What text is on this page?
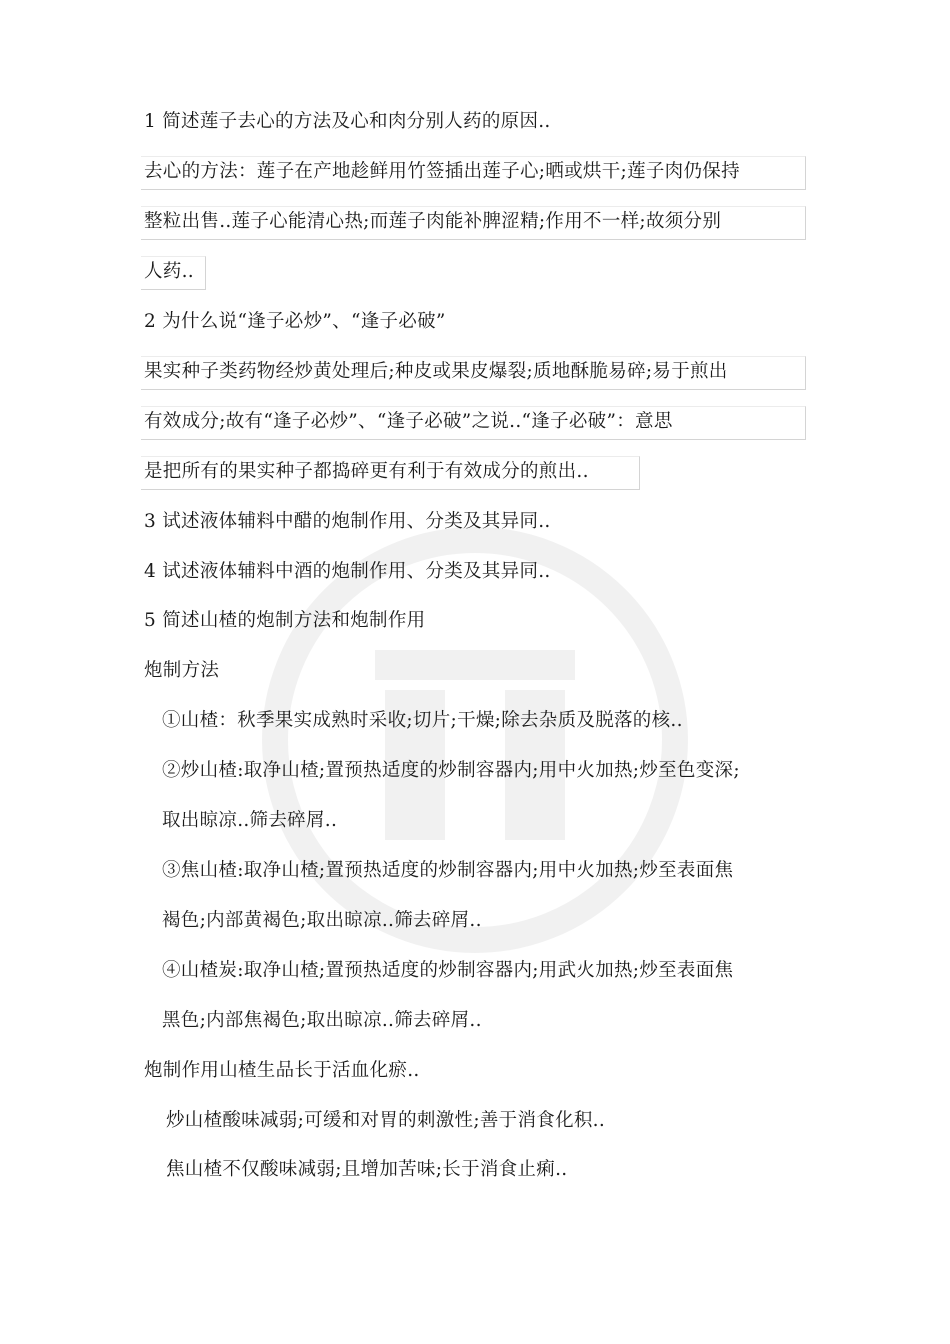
1 简述莲子去心的方法及心和肉分别人药的原因..
去心的方法：莲子在产地趁鲜用竹签插出莲子心;晒或烘干;莲子肉仍保持
整粒出售..莲子心能清心热;而莲子肉能补脾涩精;作用不一样;故须分别
人药..
2 为什么说“逢子必炒”、“逢子必破”
果实种子类药物经炒黄处理后;种皮或果皮爆裂;质地酥脆易碎;易于煎出
有效成分;故有“逢子必炒”、“逢子必破”之说..“逢子必破”：意思
是把所有的果实种子都捣碎更有利于有效成分的煎出..
3 试述液体辅料中醋的炮制作用、分类及其异同..
4 试述液体辅料中酒的炮制作用、分类及其异同..
5 简述山楂的炮制方法和炮制作用
炮制方法
①山楂：秋季果实成熟时采收;切片;干燥;除去杂质及脱落的核..
②炒山楂:取净山楂;置预热适度的炒制容器内;用中火加热;炒至色变深;
取出晾凉..筛去碎屑..
③焦山楂:取净山楂;置预热适度的炒制容器内;用中火加热;炒至表面焦
褐色;内部黄褐色;取出晾凉..筛去碎屑..
④山楂炭:取净山楂;置预热适度的炒制容器内;用武火加热;炒至表面焦
黑色;内部焦褐色;取出晾凉..筛去碎屑..
炮制作用山楂生品长于活血化瘀..
炒山楂酸味减弱;可缓和对胃的刺激性;善于消食化积..
焦山楂不仅酸味减弱;且增加苦味;长于消食止痢..
